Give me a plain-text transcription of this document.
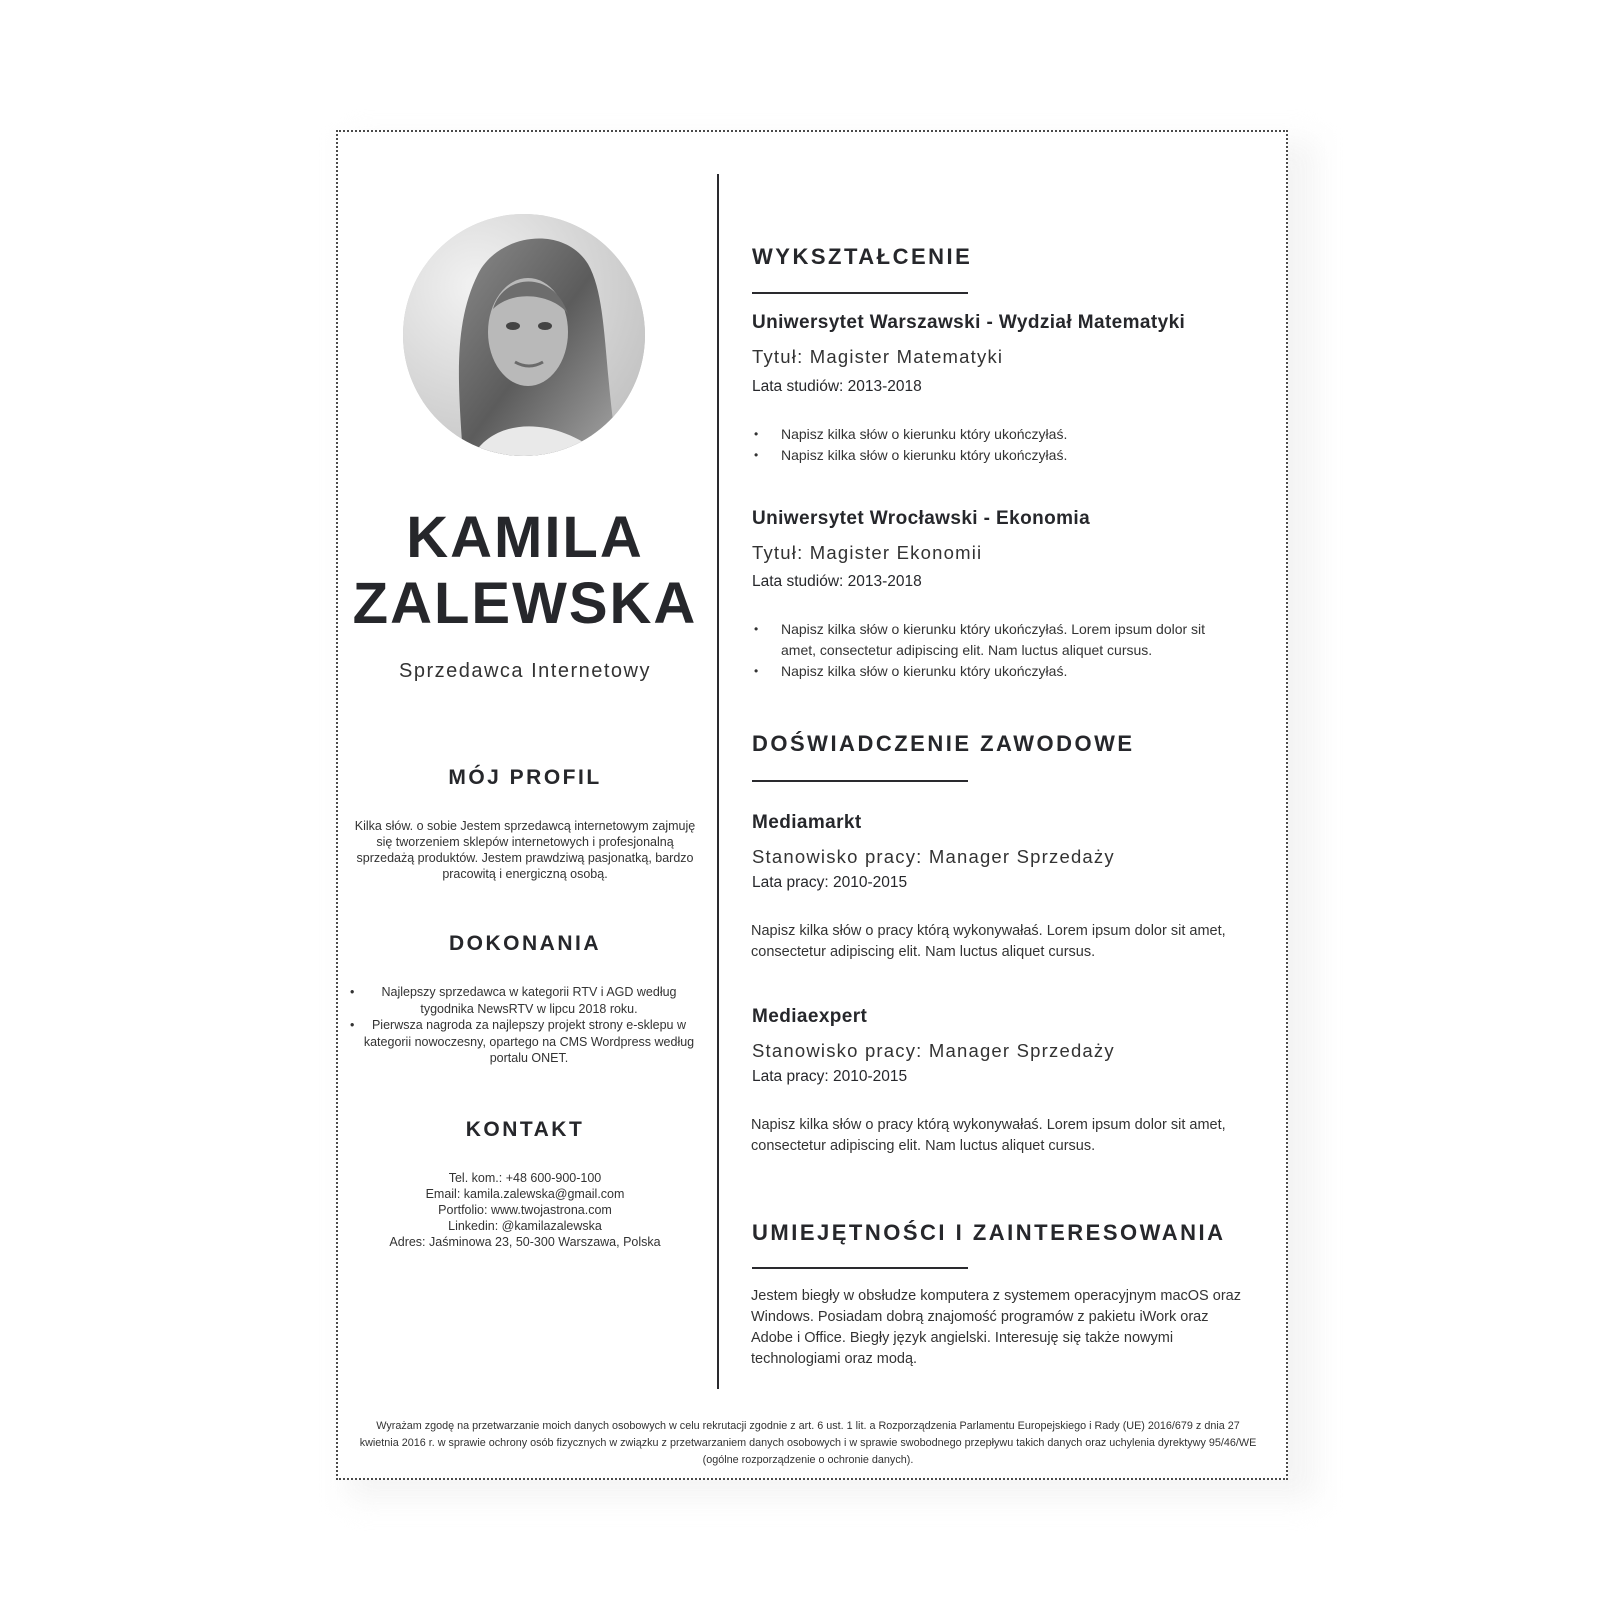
KAMILA
ZALEWSKA
Sprzedawca Internetowy
MÓJ PROFIL
Kilka słów. o sobie Jestem sprzedawcą internetowym zajmuję się tworzeniem sklepów internetowych i profesjonalną sprzedażą produktów. Jestem prawdziwą pasjonatką, bardzo pracowitą i energiczną osobą.
DOKONANIA
• Najlepszy sprzedawca w kategorii RTV i AGD według tygodnika NewsRTV w lipcu 2018 roku.
• Pierwsza nagroda za najlepszy projekt strony e-sklepu w kategorii nowoczesny, opartego na CMS Wordpress według portalu ONET.
KONTAKT
Tel. kom.: +48 600-900-100
Email: kamila.zalewska@gmail.com
Portfolio: www.twojastrona.com
Linkedin: @kamilazalewska
Adres: Jaśminowa 23, 50-300 Warszawa, Polska
WYKSZTAŁCENIE
Uniwersytet Warszawski - Wydział Matematyki
Tytuł: Magister Matematyki
Lata studiów: 2013-2018
• Napisz kilka słów o kierunku który ukończyłaś.
• Napisz kilka słów o kierunku który ukończyłaś.
Uniwersytet Wrocławski - Ekonomia
Tytuł: Magister Ekonomii
Lata studiów: 2013-2018
• Napisz kilka słów o kierunku który ukończyłaś. Lorem ipsum dolor sit amet, consectetur adipiscing elit. Nam luctus aliquet cursus.
• Napisz kilka słów o kierunku który ukończyłaś.
DOŚWIADCZENIE ZAWODOWE
Mediamarkt
Stanowisko pracy: Manager Sprzedaży
Lata pracy: 2010-2015
Napisz kilka słów o pracy którą wykonywałaś. Lorem ipsum dolor sit amet, consectetur adipiscing elit. Nam luctus aliquet cursus.
Mediaexpert
Stanowisko pracy: Manager Sprzedaży
Lata pracy: 2010-2015
Napisz kilka słów o pracy którą wykonywałaś. Lorem ipsum dolor sit amet, consectetur adipiscing elit. Nam luctus aliquet cursus.
UMIEJĘTNOŚCI I ZAINTERESOWANIA
Jestem biegły w obsłudze komputera z systemem operacyjnym macOS oraz Windows. Posiadam dobrą znajomość programów z pakietu iWork oraz Adobe i Office. Biegły język angielski. Interesuję się także nowymi technologiami oraz modą.
Wyrażam zgodę na przetwarzanie moich danych osobowych w celu rekrutacji zgodnie z art. 6 ust. 1 lit. a Rozporządzenia Parlamentu Europejskiego i Rady (UE) 2016/679 z dnia 27 kwietnia 2016 r. w sprawie ochrony osób fizycznych w związku z przetwarzaniem danych osobowych i w sprawie swobodnego przepływu takich danych oraz uchylenia dyrektywy 95/46/WE (ogólne rozporządzenie o ochronie danych).
